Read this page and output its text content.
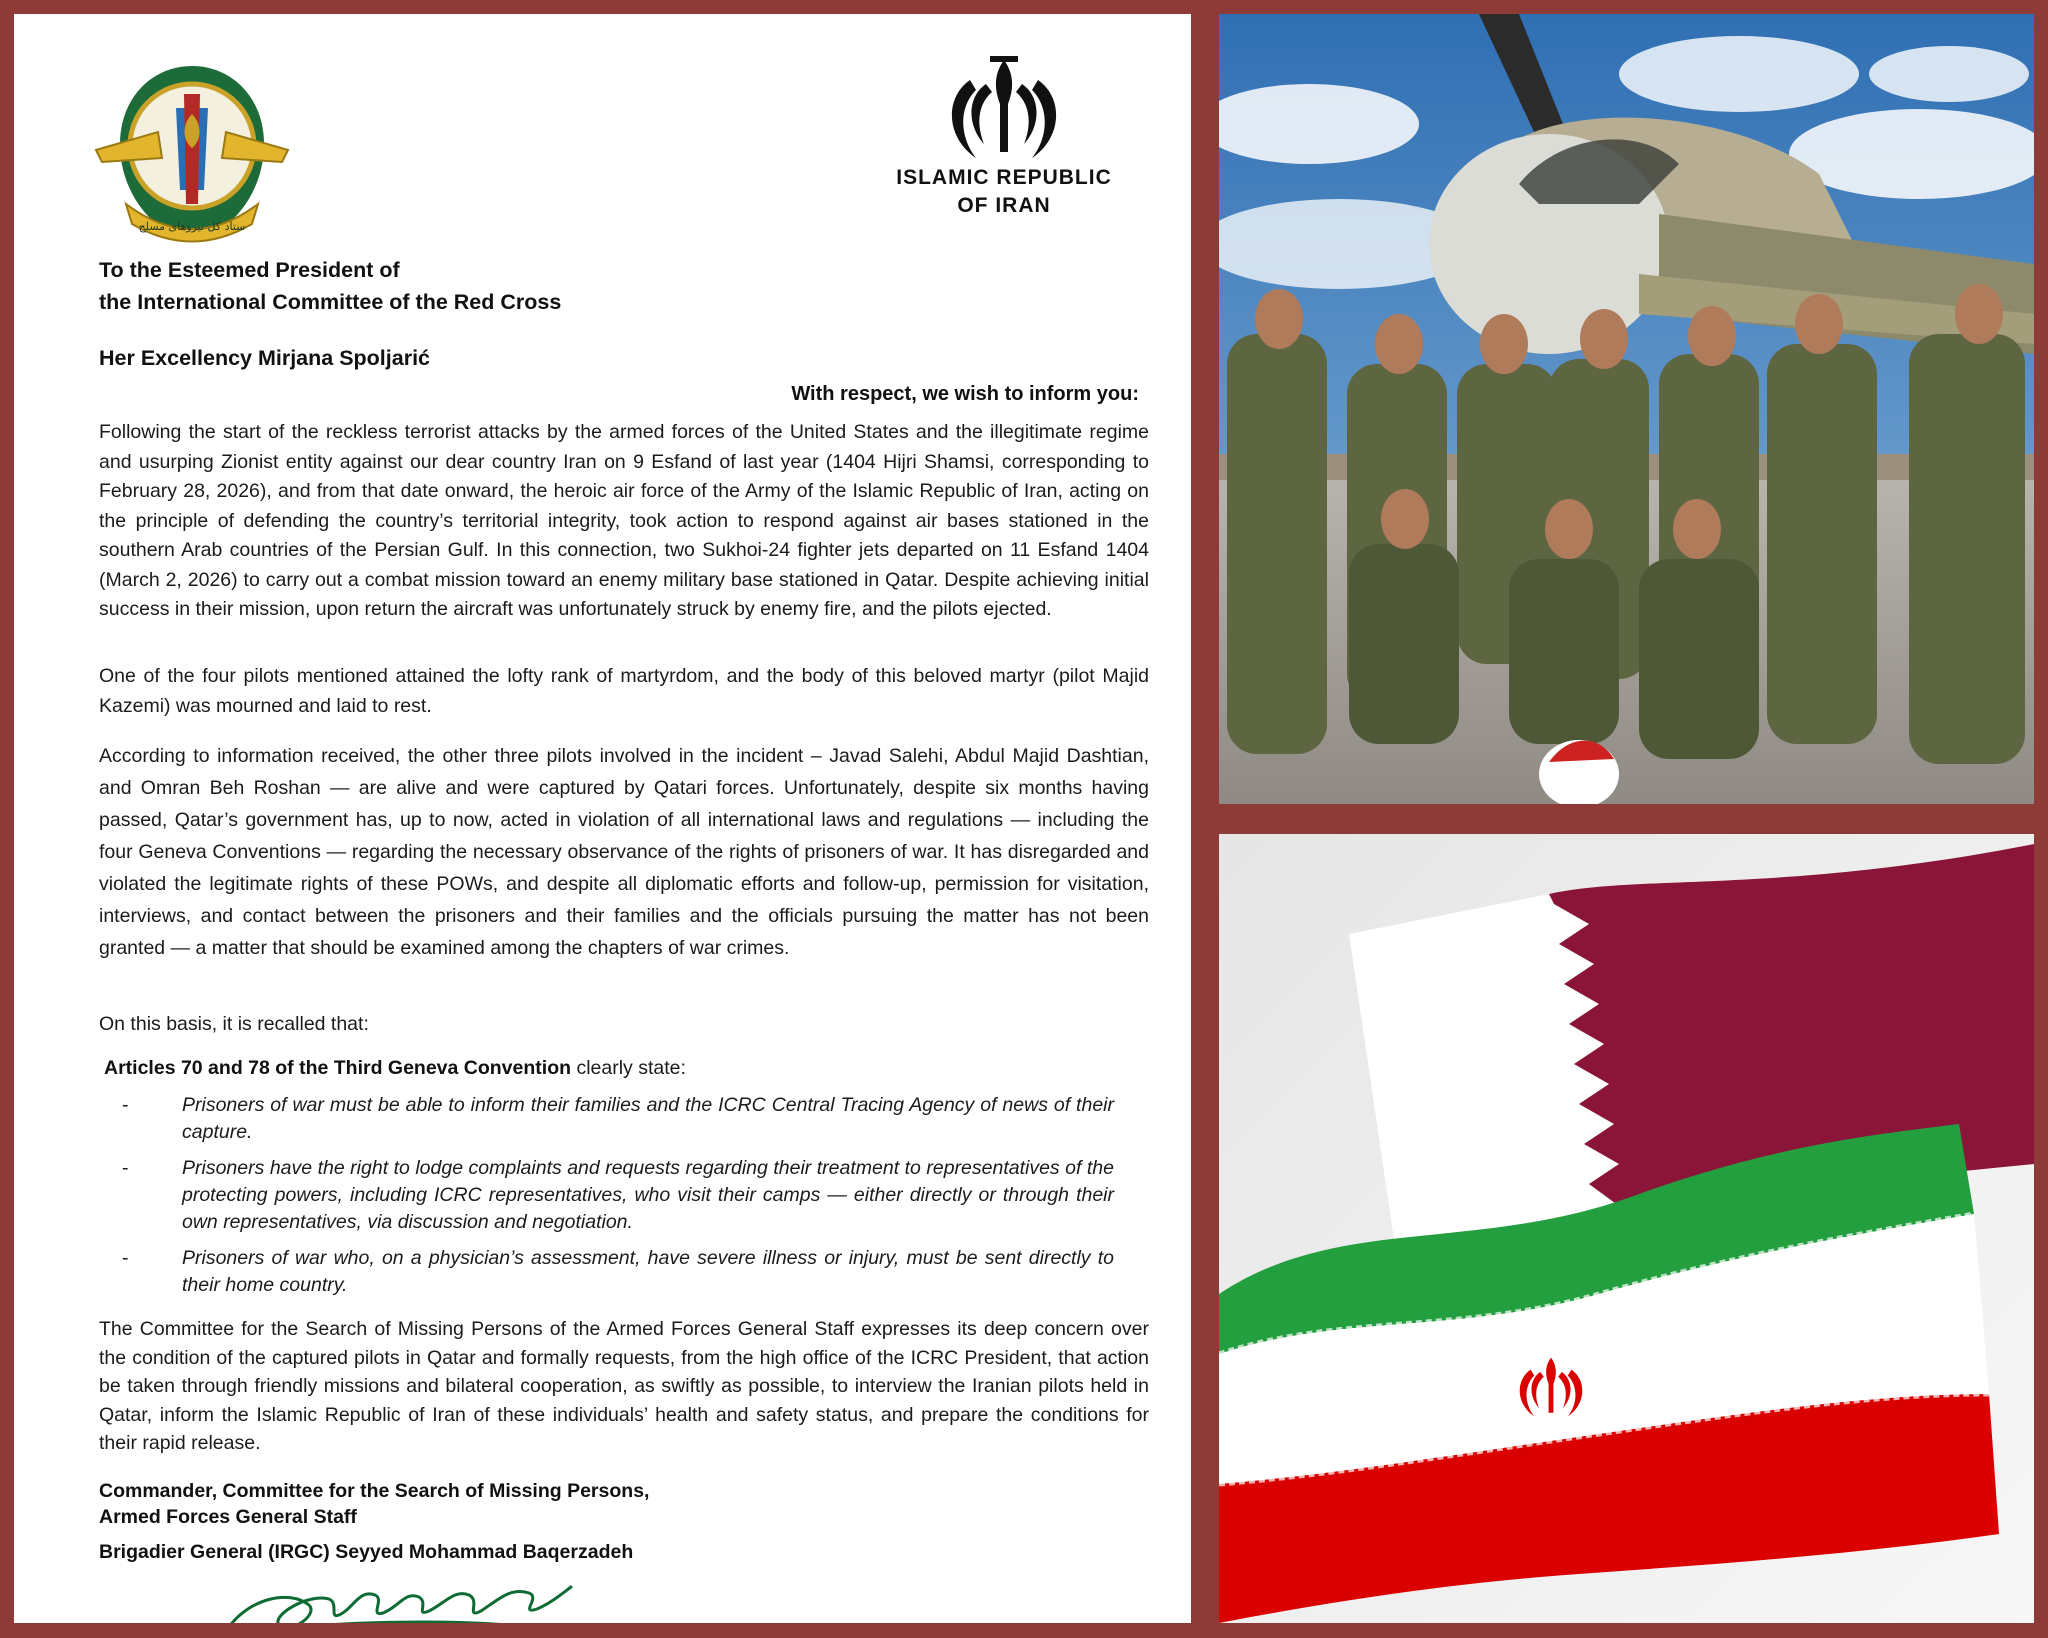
ستاد کل نیروهای مسلح
ISLAMIC REPUBLIC
OF IRAN
To the Esteemed President of
the International Committee of the Red Cross
Her Excellency Mirjana Spoljarić
With respect, we wish to inform you:
Following the start of the reckless terrorist attacks by the armed forces of the United States and the illegitimate regime and usurping Zionist entity against our dear country Iran on 9 Esfand of last year (1404 Hijri Shamsi, corresponding to February 28, 2026), and from that date onward, the heroic air force of the Army of the Islamic Republic of Iran, acting on the principle of defending the country’s territorial integrity, took action to respond against air bases stationed in the southern Arab countries of the Persian Gulf. In this connection, two Sukhoi-24 fighter jets departed on 11 Esfand 1404 (March 2, 2026) to carry out a combat mission toward an enemy military base stationed in Qatar. Despite achieving initial success in their mission, upon return the aircraft was unfortunately struck by enemy fire, and the pilots ejected.
One of the four pilots mentioned attained the lofty rank of martyrdom, and the body of this beloved martyr (pilot Majid Kazemi) was mourned and laid to rest.
According to information received, the other three pilots involved in the incident – Javad Salehi, Abdul Majid Dashtian, and Omran Beh Roshan — are alive and were captured by Qatari forces. Unfortunately, despite six months having passed, Qatar’s government has, up to now, acted in violation of all international laws and regulations — including the four Geneva Conventions — regarding the necessary observance of the rights of prisoners of war. It has disregarded and violated the legitimate rights of these POWs, and despite all diplomatic efforts and follow-up, permission for visitation, interviews, and contact between the prisoners and their families and the officials pursuing the matter has not been granted — a matter that should be examined among the chapters of war crimes.
On this basis, it is recalled that:
Articles 70 and 78 of the Third Geneva Convention clearly state:
-	Prisoners of war must be able to inform their families and the ICRC Central Tracing Agency of news of their capture.
-	Prisoners have the right to lodge complaints and requests regarding their treatment to representatives of the protecting powers, including ICRC representatives, who visit their camps — either directly or through their own representatives, via discussion and negotiation.
-	Prisoners of war who, on a physician’s assessment, have severe illness or injury, must be sent directly to their home country.
The Committee for the Search of Missing Persons of the Armed Forces General Staff expresses its deep concern over the condition of the captured pilots in Qatar and formally requests, from the high office of the ICRC President, that action be taken through friendly missions and bilateral cooperation, as swiftly as possible, to interview the Iranian pilots held in Qatar, inform the Islamic Republic of Iran of these individuals’ health and safety status, and prepare the conditions for their rapid release.
Commander, Committee for the Search of Missing Persons,
Armed Forces General Staff
Brigadier General (IRGC) Seyyed Mohammad Baqerzadeh
